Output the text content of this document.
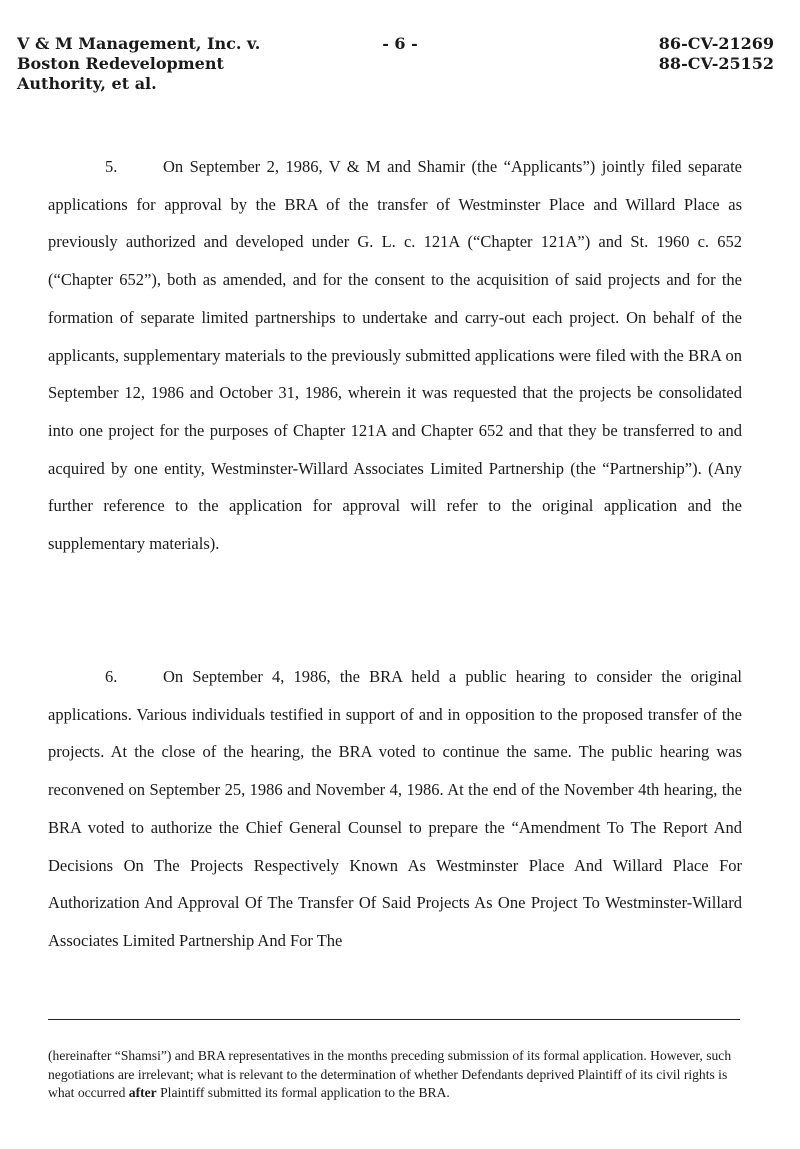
V & M Management, Inc. v.
Boston Redevelopment
Authority, et al.
- 6 -	86-CV-21269
88-CV-25152
5.	On September 2, 1986, V & M and Shamir (the “Applicants”) jointly filed separate applications for approval by the BRA of the transfer of Westminster Place and Willard Place as previously authorized and developed under G. L. c. 121A (“Chapter 121A”) and St. 1960 c. 652 (“Chapter 652”), both as amended, and for the consent to the acquisition of said projects and for the formation of separate limited partnerships to undertake and carry-out each project. On behalf of the applicants, supplementary materials to the previously submitted applications were filed with the BRA on September 12, 1986 and October 31, 1986, wherein it was requested that the projects be consolidated into one project for the purposes of Chapter 121A and Chapter 652 and that they be transferred to and acquired by one entity, Westminster-Willard Associates Limited Partnership (the “Partnership”). (Any further reference to the application for approval will refer to the original application and the supplementary materials).
6.	On September 4, 1986, the BRA held a public hearing to consider the original applications. Various individuals testified in support of and in opposition to the proposed transfer of the projects. At the close of the hearing, the BRA voted to continue the same. The public hearing was reconvened on September 25, 1986 and November 4, 1986. At the end of the November 4th hearing, the BRA voted to authorize the Chief General Counsel to prepare the “Amendment To The Report And Decisions On The Projects Respectively Known As Westminster Place And Willard Place For Authorization And Approval Of The Transfer Of Said Projects As One Project To Westminster-Willard Associates Limited Partnership And For The
(hereinafter “Shamsi”) and BRA representatives in the months preceding submission of its formal application. However, such negotiations are irrelevant; what is relevant to the determination of whether Defendants deprived Plaintiff of its civil rights is what occurred after Plaintiff submitted its formal application to the BRA.
